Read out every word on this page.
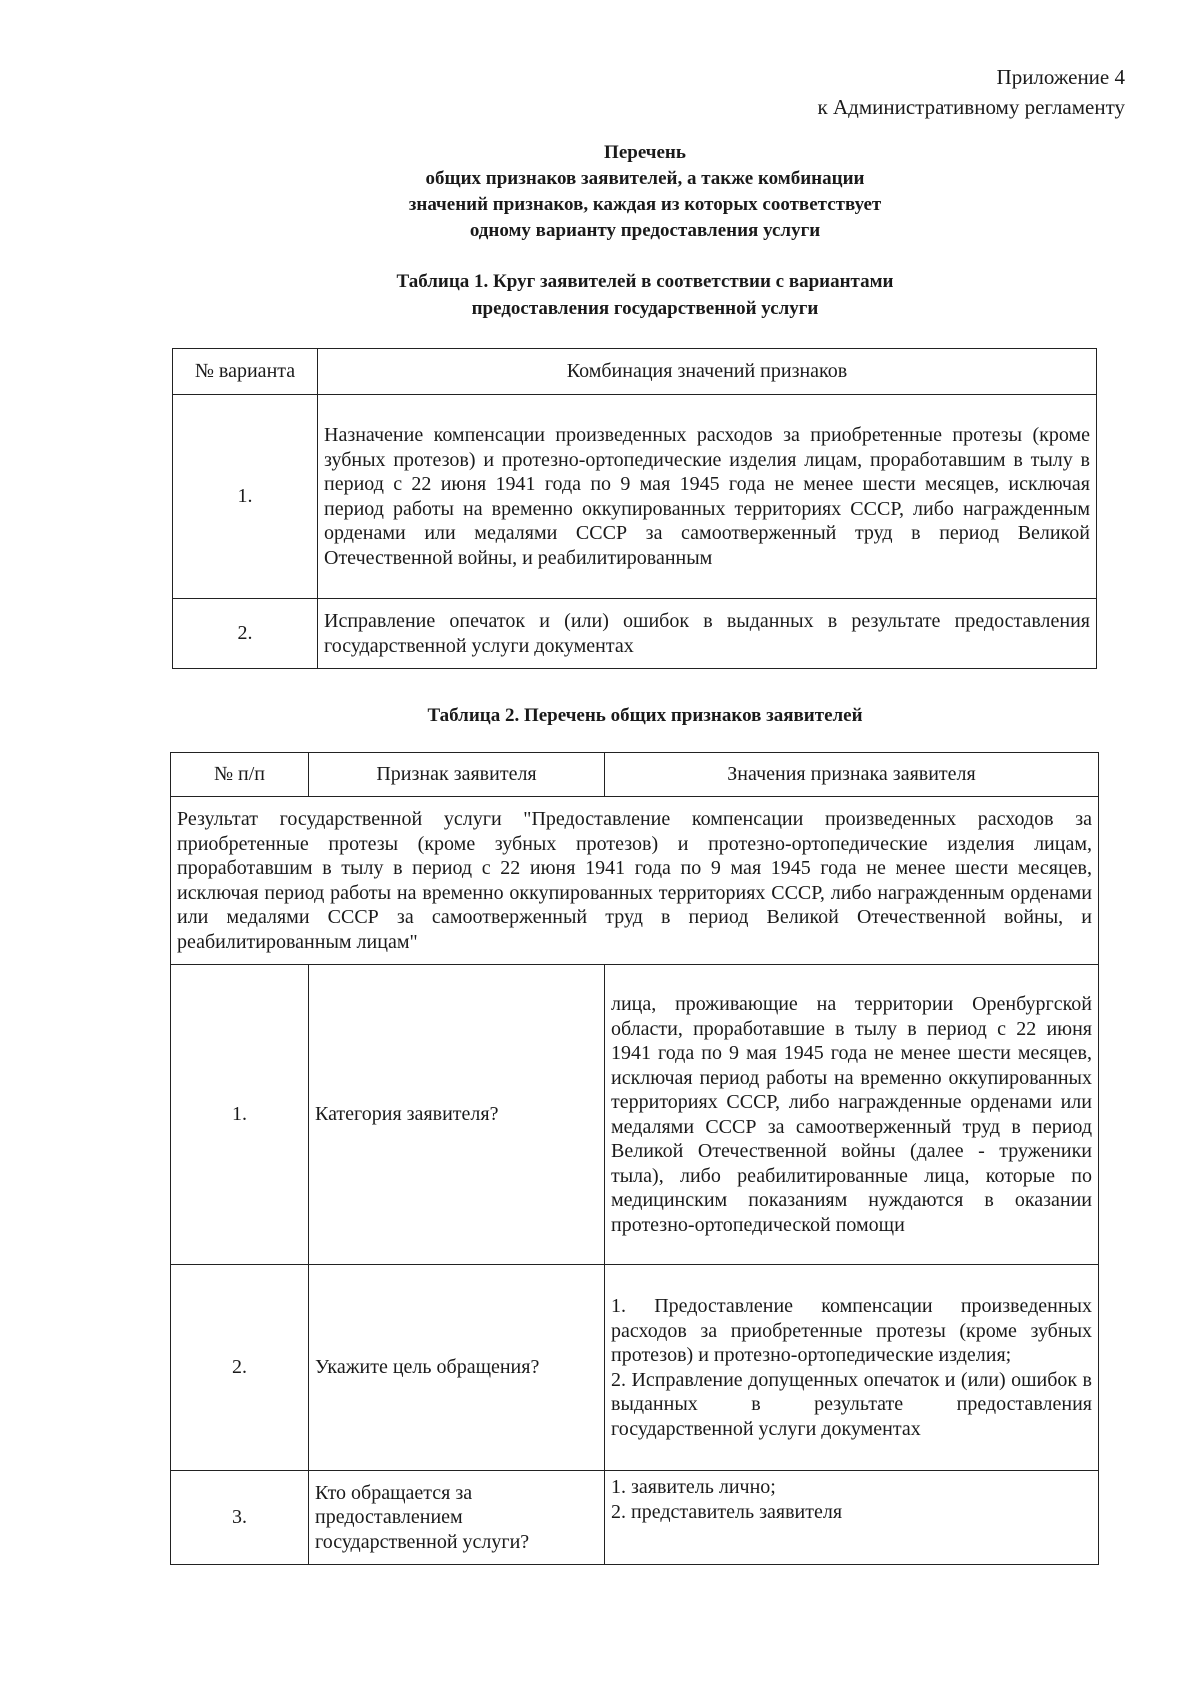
Приложение 4
к Административному регламенту
Перечень
общих признаков заявителей, а также комбинации
значений признаков, каждая из которых соответствует
одному варианту предоставления услуги
Таблица 1. Круг заявителей в соответствии с вариантами
предоставления государственной услуги
№ варианта	Комбинация значений признаков
1.	Назначение компенсации произведенных расходов за приобретенные протезы (кроме зубных протезов) и протезно-ортопедические изделия лицам, проработавшим в тылу в период с 22 июня 1941 года по 9 мая 1945 года не менее шести месяцев, исключая период работы на временно оккупированных территориях СССР, либо награжденным орденами или медалями СССР за самоотверженный труд в период Великой Отечественной войны, и реабилитированным
2.	Исправление опечаток и (или) ошибок в выданных в результате предоставления государственной услуги документах
Таблица 2. Перечень общих признаков заявителей
№ п/п	Признак заявителя	Значения признака заявителя
Результат государственной услуги "Предоставление компенсации произведенных расходов за приобретенные протезы (кроме зубных протезов) и протезно-ортопедические изделия лицам, проработавшим в тылу в период с 22 июня 1941 года по 9 мая 1945 года не менее шести месяцев, исключая период работы на временно оккупированных территориях СССР, либо награжденным орденами или медалями СССР за самоотверженный труд в период Великой Отечественной войны, и реабилитированным лицам"		
1.	Категория заявителя?	лица, проживающие на территории Оренбургской области, проработавшие в тылу в период с 22 июня 1941 года по 9 мая 1945 года не менее шести месяцев, исключая период работы на временно оккупированных территориях СССР, либо награжденные орденами или медалями СССР за самоотверженный труд в период Великой Отечественной войны (далее - труженики тыла), либо реабилитированные лица, которые по медицинским показаниям нуждаются в оказании протезно-ортопедической помощи
2.	Укажите цель обращения?	1. Предоставление компенсации произведенных расходов за приобретенные протезы (кроме зубных протезов) и протезно-ортопедические изделия;
2. Исправление допущенных опечаток и (или) ошибок в выданных в результате предоставления государственной услуги документах

3.	Кто обращается за предоставлением государственной услуги?	1. заявитель лично;
2. представитель заявителя
